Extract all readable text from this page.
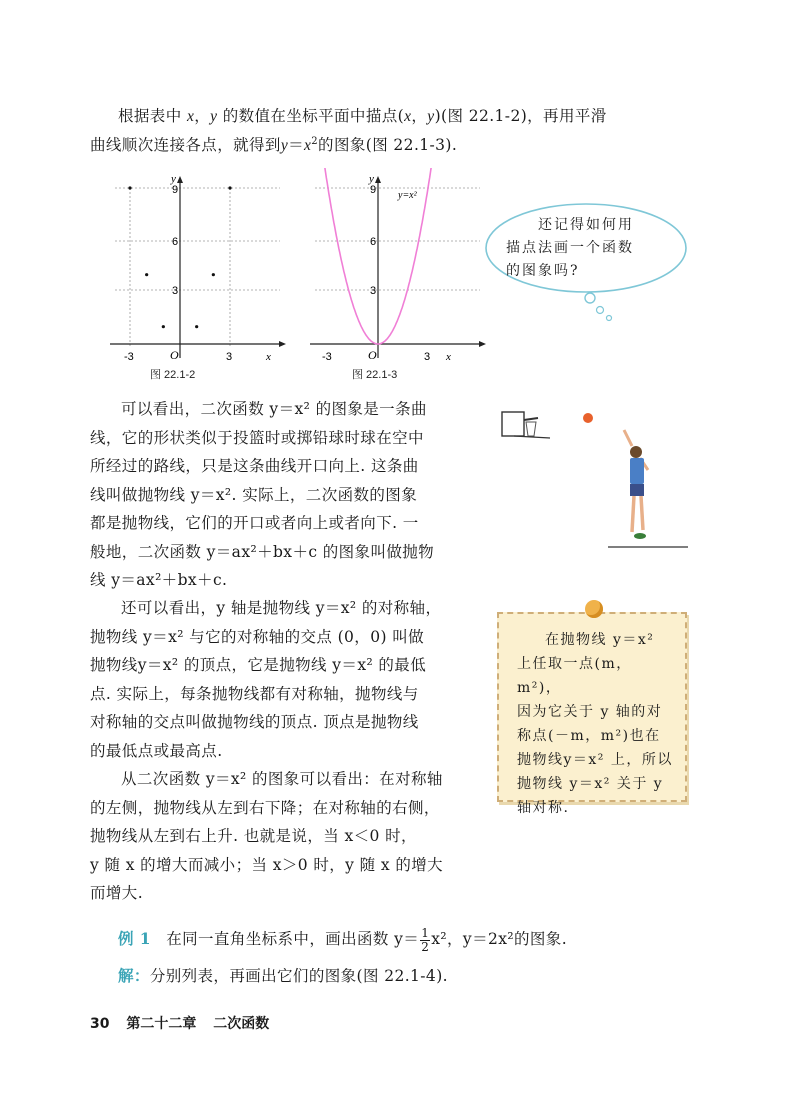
根据表中 x，y 的数值在坐标平面中描点(x，y)(图 22.1-2)，再用平滑
曲线顺次连接各点，就得到$y=x^2$的图象(图 22.1-3).
-3	3
9
6
3
O	x
y
图 22.1-2
-3	3
9
6
3
O	x
y
y=x²
图 22.1-3
还记得如何用
描点法画一个函数
的图象吗?

可以看出，二次函数 y＝x² 的图象是一条曲

线，它的形状类似于投篮时或掷铅球时球在空中

所经过的路线，只是这条曲线开口向上. 这条曲

线叫做抛物线 y＝x². 实际上，二次函数的图象

都是抛物线，它们的开口或者向上或者向下. 一

般地，二次函数 y＝ax²＋bx＋c 的图象叫做抛物

线 y＝ax²＋bx＋c.

还可以看出，y 轴是抛物线 y＝x² 的对称轴，

抛物线 y＝x² 与它的对称轴的交点 (0，0) 叫做

抛物线y＝x² 的顶点，它是抛物线 y＝x² 的最低

点. 实际上，每条抛物线都有对称轴，抛物线与

对称轴的交点叫做抛物线的顶点. 顶点是抛物线

的最低点或最高点.

从二次函数 y＝x² 的图象可以看出：在对称轴

的左侧，抛物线从左到右下降；在对称轴的右侧，

抛物线从左到右上升. 也就是说，当 x＜0 时，

y 随 x 的增大而减小；当 x＞0 时，y 随 x 的增大

而增大.

在抛物线 y＝x²

上任取一点(m，m²)，

因为它关于 y 轴的对

称点(－m，m²)也在

抛物线y＝x² 上，所以

抛物线 y＝x² 关于 y

轴对称.

例 1 在同一直角坐标系中，画出函数 $y= \frac{1}{2} x^2$，y＝2x²的图象.
解：分别列表，再画出它们的图象(图 22.1-4).
30 第二十二章 二次函数
